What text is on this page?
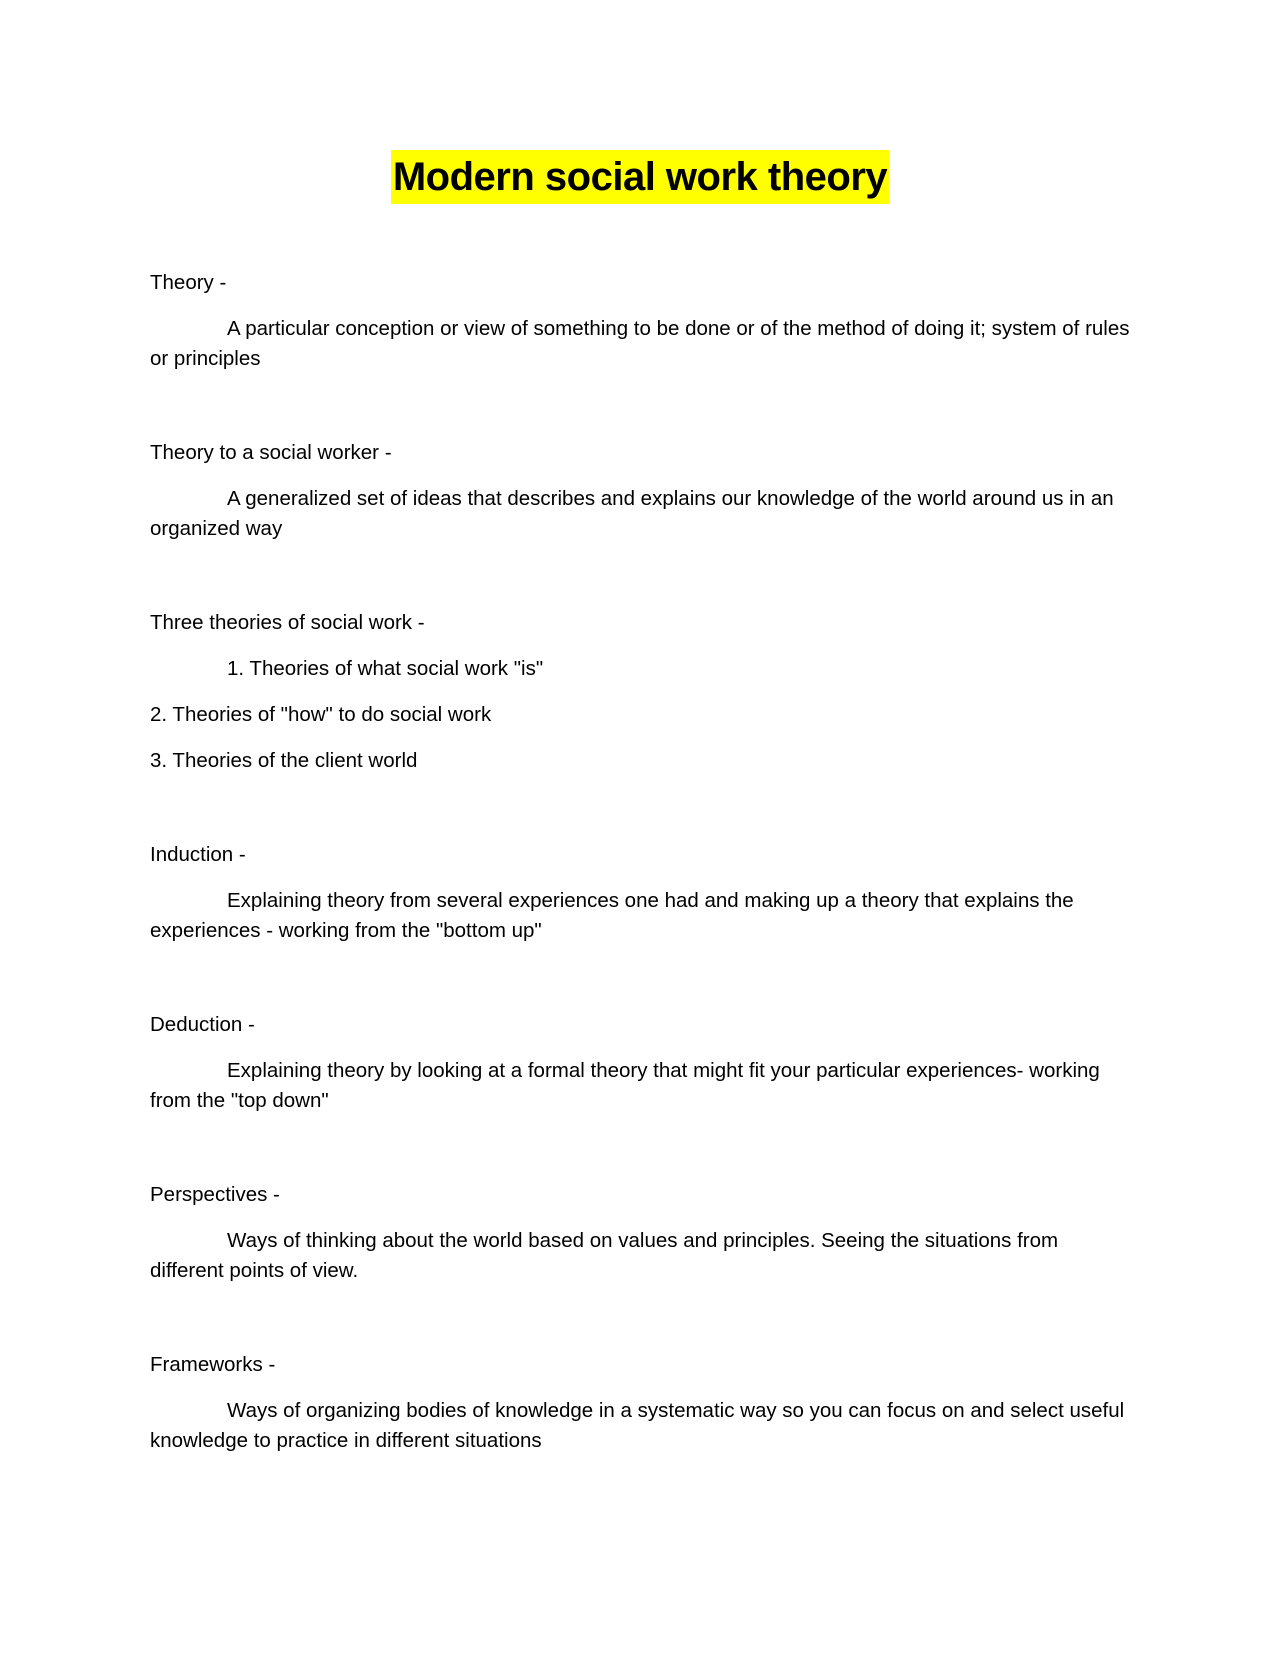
Modern social work theory

Theory -

A particular conception or view of something to be done or of the method of doing it; system of rules or principles

Theory to a social worker -

A generalized set of ideas that describes and explains our knowledge of the world around us in an organized way

Three theories of social work -

1. Theories of what social work "is"

2. Theories of "how" to do social work

3. Theories of the client world

Induction -

Explaining theory from several experiences one had and making up a theory that explains the experiences - working from the "bottom up"

Deduction -

Explaining theory by looking at a formal theory that might fit your particular experiences- working from the "top down"

Perspectives -

Ways of thinking about the world based on values and principles. Seeing the situations from different points of view.

Frameworks -

Ways of organizing bodies of knowledge in a systematic way so you can focus on and select useful knowledge to practice in different situations
